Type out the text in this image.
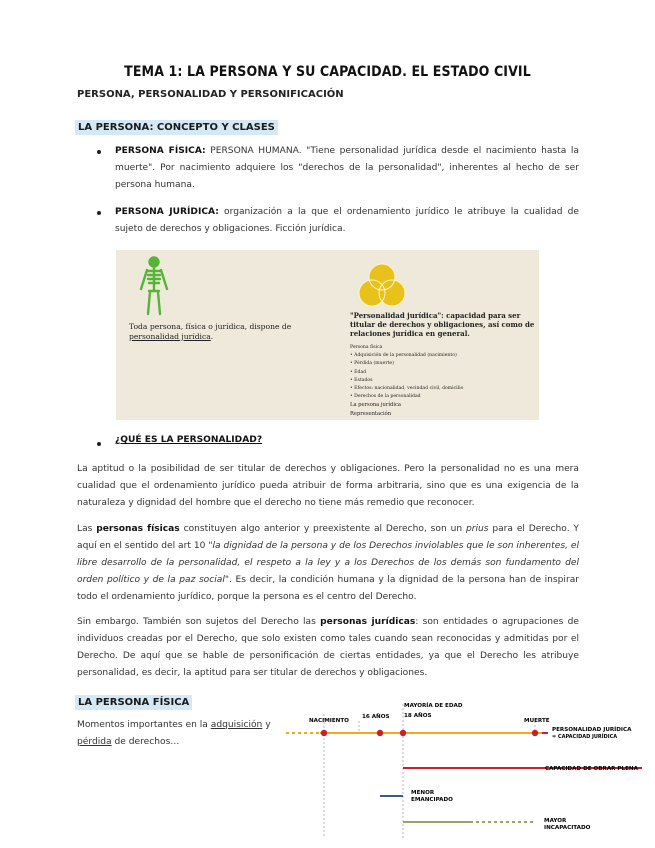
TEMA 1: LA PERSONA Y SU CAPACIDAD. EL ESTADO CIVIL
PERSONA, PERSONALIDAD Y PERSONIFICACIÓN
LA PERSONA: CONCEPTO Y CLASES
PERSONA FÍSICA: PERSONA HUMANA. "Tiene personalidad jurídica desde el nacimiento hasta la muerte". Por nacimiento adquiere los "derechos de la personalidad", inherentes al hecho de ser persona humana.
PERSONA JURÍDICA: organización a la que el ordenamiento jurídico le atribuye la cualidad de sujeto de derechos y obligaciones. Ficción jurídica.
Toda persona, física o jurídica, dispone de
personalidad jurídica.
"Personalidad jurídica": capacidad para ser titular de derechos y obligaciones, así como de relaciones jurídica en general.
Persona física
• Adquisición de la personalidad (nacimiento)
• Pérdida (muerte)
• Edad
• Estados
• Efectos: nacionalidad, vecindad civil, domicilio
• Derechos de la personalidad
La persona jurídica
Representación
¿QUÉ ES LA PERSONALIDAD?
La aptitud o la posibilidad de ser titular de derechos y obligaciones. Pero la personalidad no es una mera cualidad que el ordenamiento jurídico pueda atribuir de forma arbitraria, sino que es una exigencia de la naturaleza y dignidad del hombre que el derecho no tiene más remedio que reconocer.
Las personas físicas constituyen algo anterior y preexistente al Derecho, son un prius para el Derecho. Y aquí en el sentido del art 10 "la dignidad de la persona y de los Derechos inviolables que le son inherentes, el libre desarrollo de la personalidad, el respeto a la ley y a los Derechos de los demás son fundamento del orden político y de la paz social". Es decir, la condición humana y la dignidad de la persona han de inspirar todo el ordenamiento jurídico, porque la persona es el centro del Derecho.
Sin embargo. También son sujetos del Derecho las personas jurídicas: son entidades o agrupaciones de individuos creadas por el Derecho, que solo existen como tales cuando sean reconocidas y admitidas por el Derecho. De aquí que se hable de personificación de ciertas entidades, ya que el Derecho les atribuye personalidad, es decir, la aptitud para ser titular de derechos y obligaciones.
LA PERSONA FÍSICA
Momentos importantes en la adquisición y pérdida de derechos…
NACIMIENTO
16 AÑOS
MAYORÍA DE EDAD
18 AÑOS
MUERTE
PERSONALIDAD JURÍDICA
= CAPACIDAD JURÍDICA
CAPACIDAD DE OBRAR PLENA
MENOR
EMANCIPADO
MAYOR
INCAPACITADO
